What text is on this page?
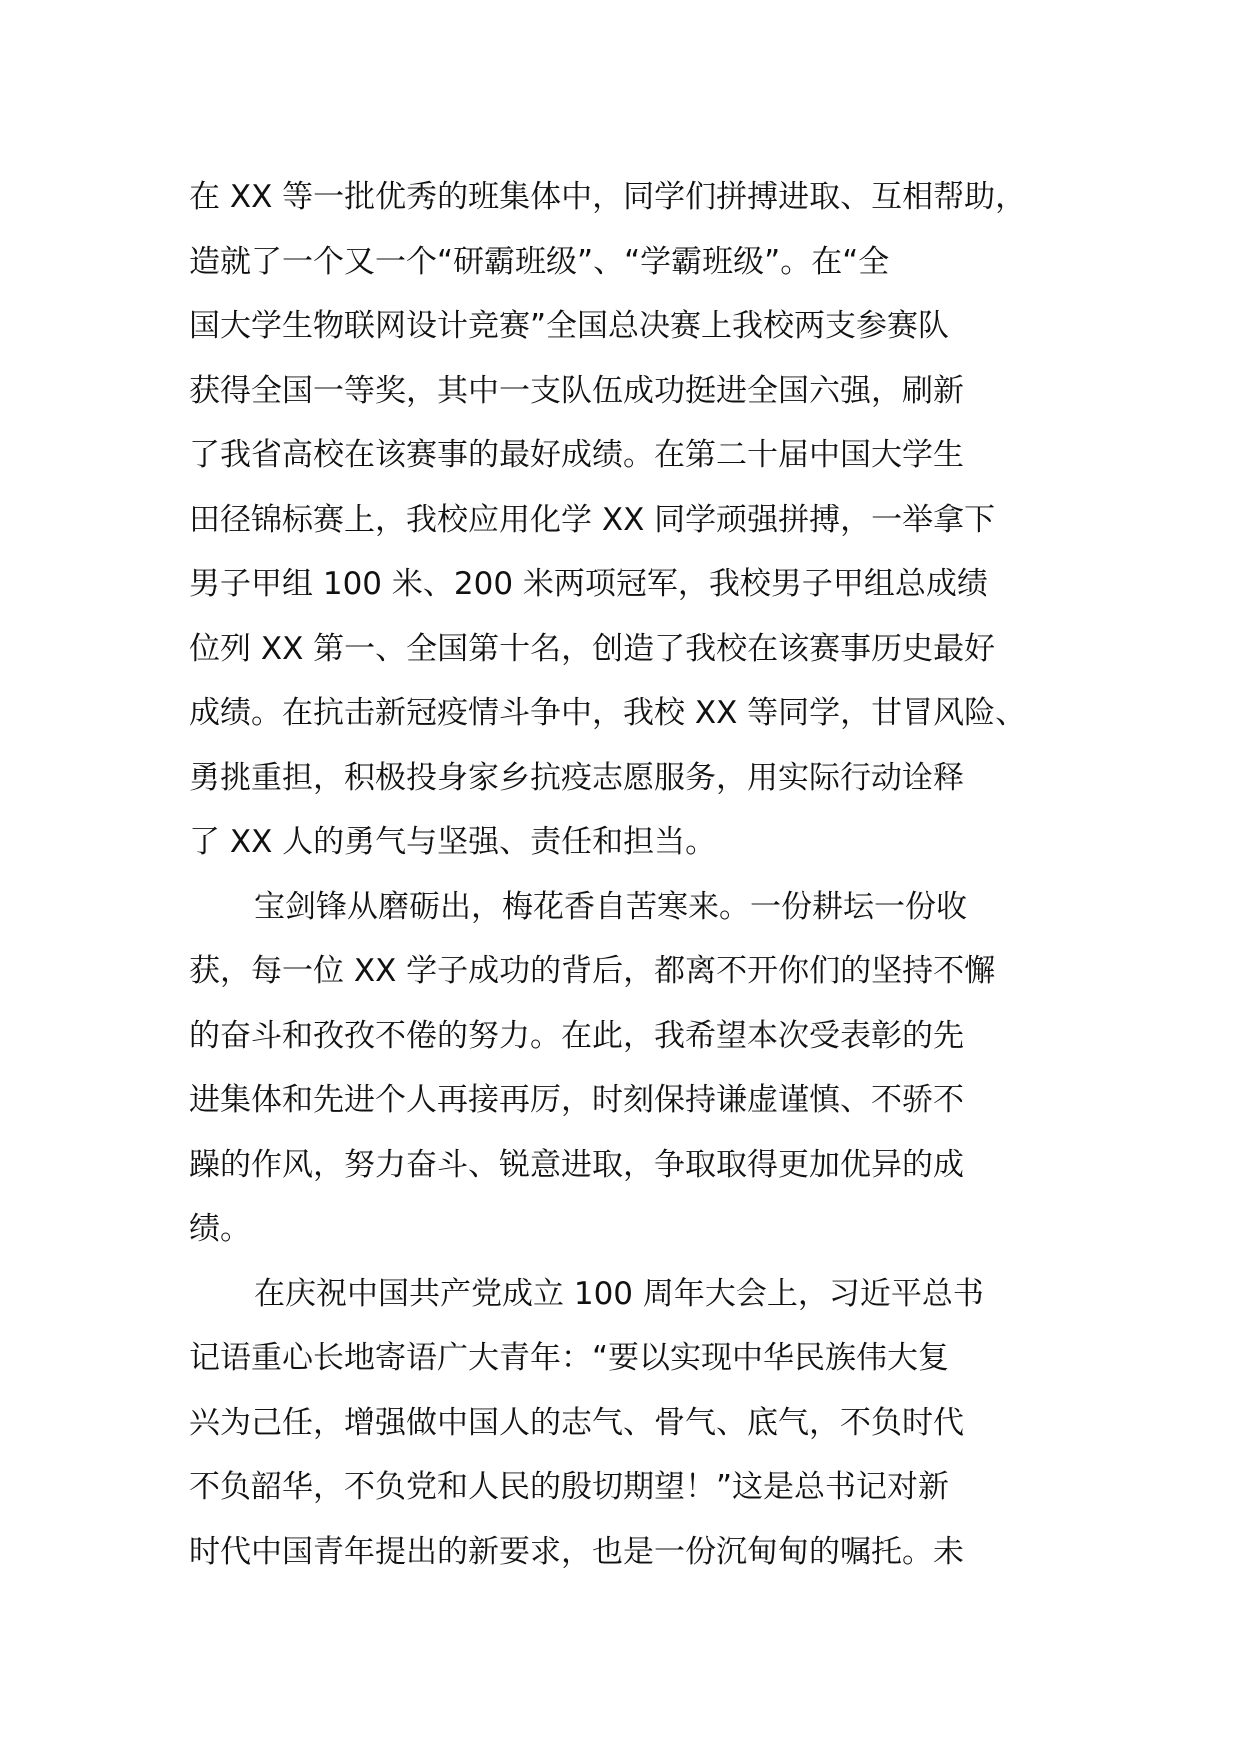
在 XX 等一批优秀的班集体中，同学们拼搏进取、互相帮助，
造就了一个又一个“研霸班级”、“学霸班级”。在“全
国大学生物联网设计竞赛”全国总决赛上我校两支参赛队
获得全国一等奖，其中一支队伍成功挺进全国六强，刷新
了我省高校在该赛事的最好成绩。在第二十届中国大学生
田径锦标赛上，我校应用化学 XX 同学顽强拼搏，一举拿下
男子甲组 100 米、200 米两项冠军，我校男子甲组总成绩
位列 XX 第一、全国第十名，创造了我校在该赛事历史最好
成绩。在抗击新冠疫情斗争中，我校 XX 等同学，甘冒风险、
勇挑重担，积极投身家乡抗疫志愿服务，用实际行动诠释
了 XX 人的勇气与坚强、责任和担当。
宝剑锋从磨砺出，梅花香自苦寒来。一份耕坛一份收
获，每一位 XX 学子成功的背后，都离不开你们的坚持不懈
的奋斗和孜孜不倦的努力。在此，我希望本次受表彰的先
进集体和先进个人再接再厉，时刻保持谦虚谨慎、不骄不
躁的作风，努力奋斗、锐意进取，争取取得更加优异的成
绩。
在庆祝中国共产党成立 100 周年大会上，习近平总书
记语重心长地寄语广大青年：“要以实现中华民族伟大复
兴为己任，增强做中国人的志气、骨气、底气，不负时代
不负韶华，不负党和人民的殷切期望！”这是总书记对新
时代中国青年提出的新要求，也是一份沉甸甸的嘱托。未
